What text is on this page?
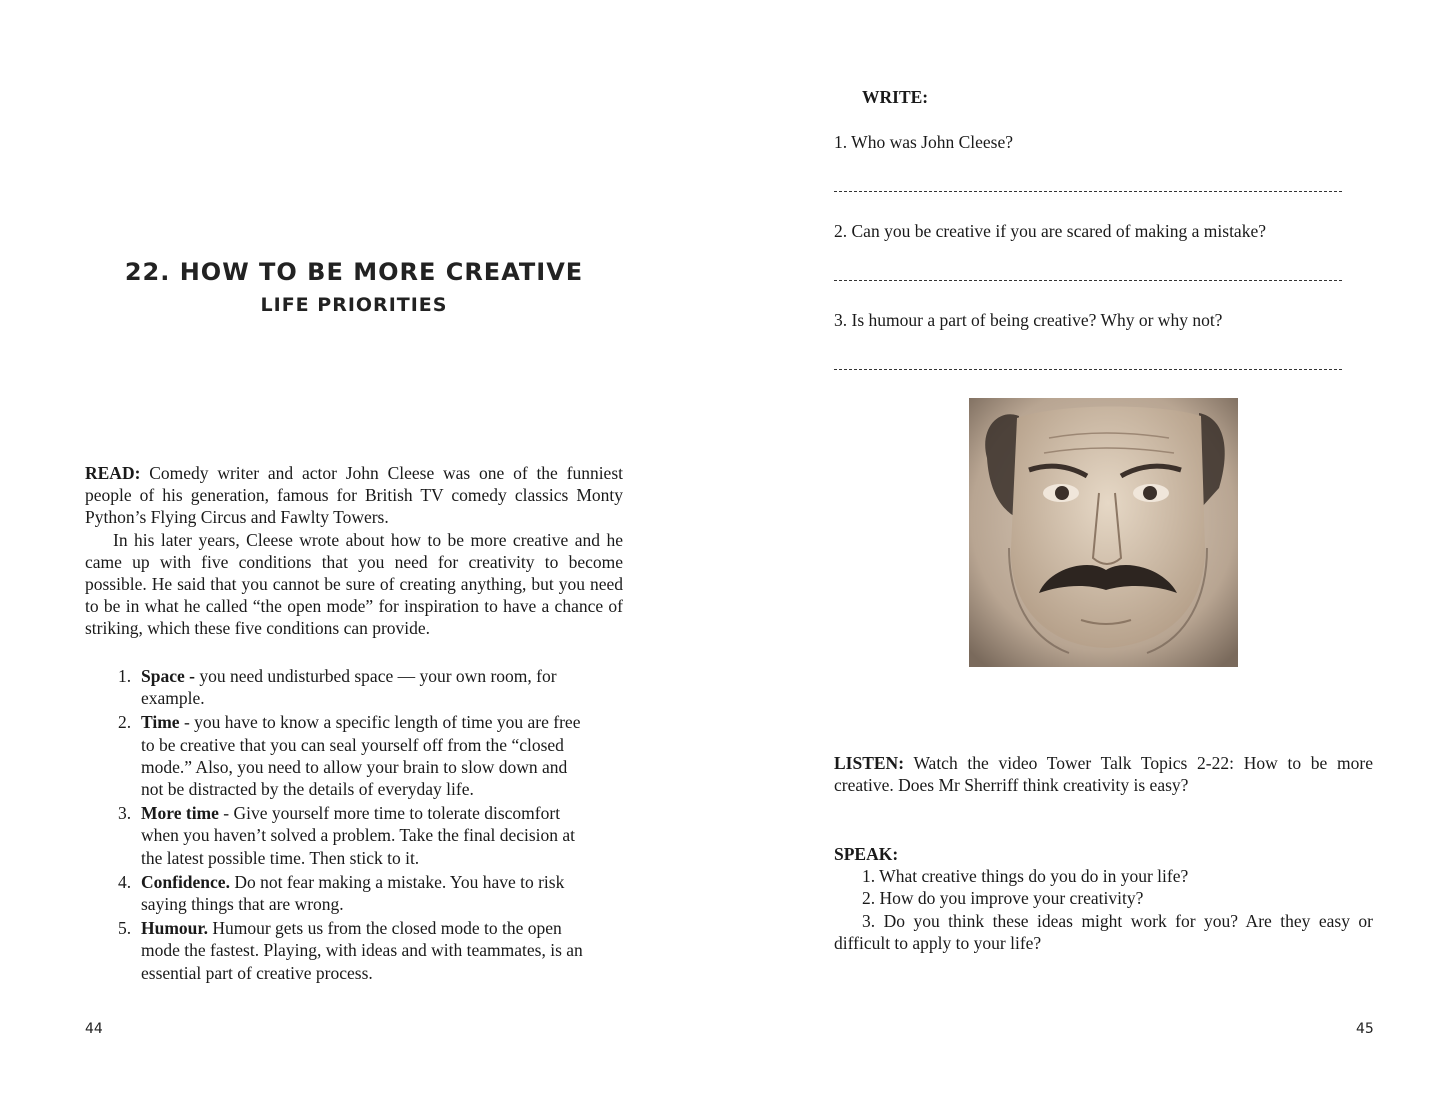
22. HOW TO BE MORE CREATIVE
LIFE PRIORITIES

READ: Comedy writer and actor John Cleese was one of the funniest people of his generation, famous for British TV comedy classics Monty Python’s Flying Circus and Fawlty Towers.

In his later years, Cleese wrote about how to be more creative and he came up with five conditions that you need for creativity to become possible. He said that you cannot be sure of creating anything, but you need to be in what he called “the open mode” for inspiration to have a chance of striking, which these five conditions can provide.

1. Space - you need undisturbed space — your own room, for example.
2. Time - you have to know a specific length of time you are free to be creative that you can seal yourself off from the “closed mode.” Also, you need to allow your brain to slow down and not be distracted by the details of everyday life.
3. More time - Give yourself more time to tolerate discomfort when you haven’t solved a problem. Take the final decision at the latest possible time. Then stick to it.
4. Confidence. Do not fear making a mistake. You have to risk saying things that are wrong.
5. Humour. Humour gets us from the closed mode to the open mode the fastest. Playing, with ideas and with teammates, is an essential part of creative process.
44
WRITE:
1. Who was John Cleese?
2. Can you be creative if you are scared of making a mistake?
3. Is humour a part of being creative? Why or why not?
LISTEN: Watch the video Tower Talk Topics 2-22: How to be more creative. Does Mr Sherriff think creativity is easy?

SPEAK:

1. What creative things do you do in your life?

2. How do you improve your creativity?

3. Do you think these ideas might work for you? Are they easy or difficult to apply to your life?

45
